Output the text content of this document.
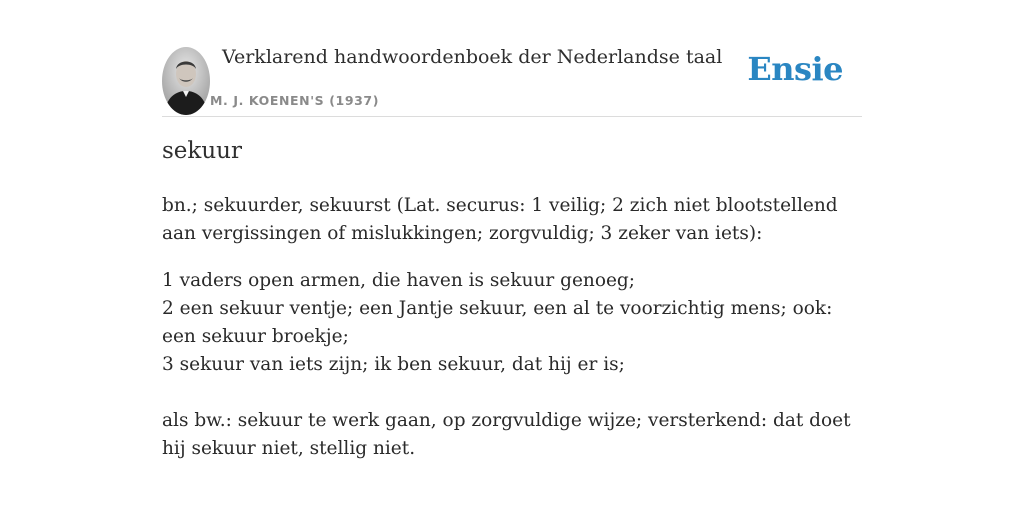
Verklarend handwoordenboek der Nederlandse taal
M. J. KOENEN'S (1937)
Ensie
sekuur

bn.; sekuurder, sekuurst (Lat. securus: 1 veilig; 2 zich niet blootstellend aan vergissingen of mislukkingen; zorgvuldig; 3 zeker van iets):

1 vaders open armen, die haven is sekuur genoeg;
2 een sekuur ventje; een Jantje sekuur, een al te voorzichtig mens; ook: een sekuur broekje;
3 sekuur van iets zijn; ik ben sekuur, dat hij er is;

als bw.: sekuur te werk gaan, op zorgvuldige wijze; versterkend: dat doet hij sekuur niet, stellig niet.
